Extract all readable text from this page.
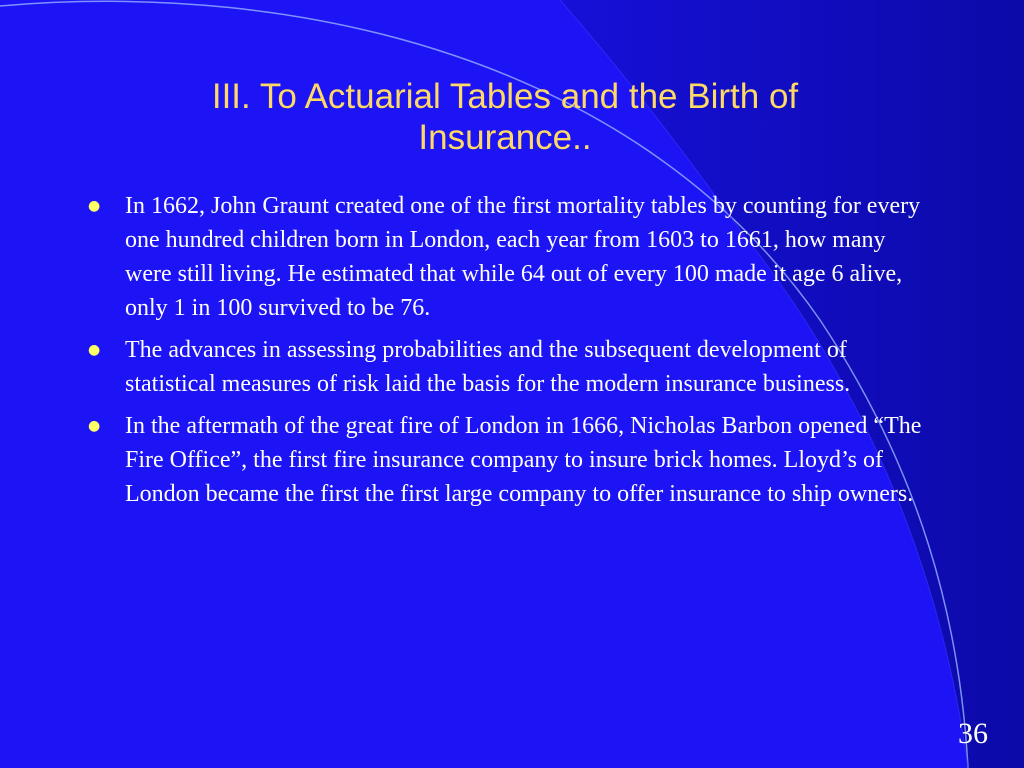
III. To Actuarial Tables and the Birth of
Insurance..
● In 1662, John Graunt created one of the first mortality tables by counting for every one hundred children born in London, each year from 1603 to 1661, how many were still living. He estimated that while 64 out of every 100 made it age 6 alive, only 1 in 100 survived to be 76.
● The advances in assessing probabilities and the subsequent development of statistical measures of risk laid the basis for the modern insurance business.
● In the aftermath of the great fire of London in 1666, Nicholas Barbon opened “The Fire Office”, the first fire insurance company to insure brick homes. Lloyd’s of London became the first the first large company to offer insurance to ship owners.
36
